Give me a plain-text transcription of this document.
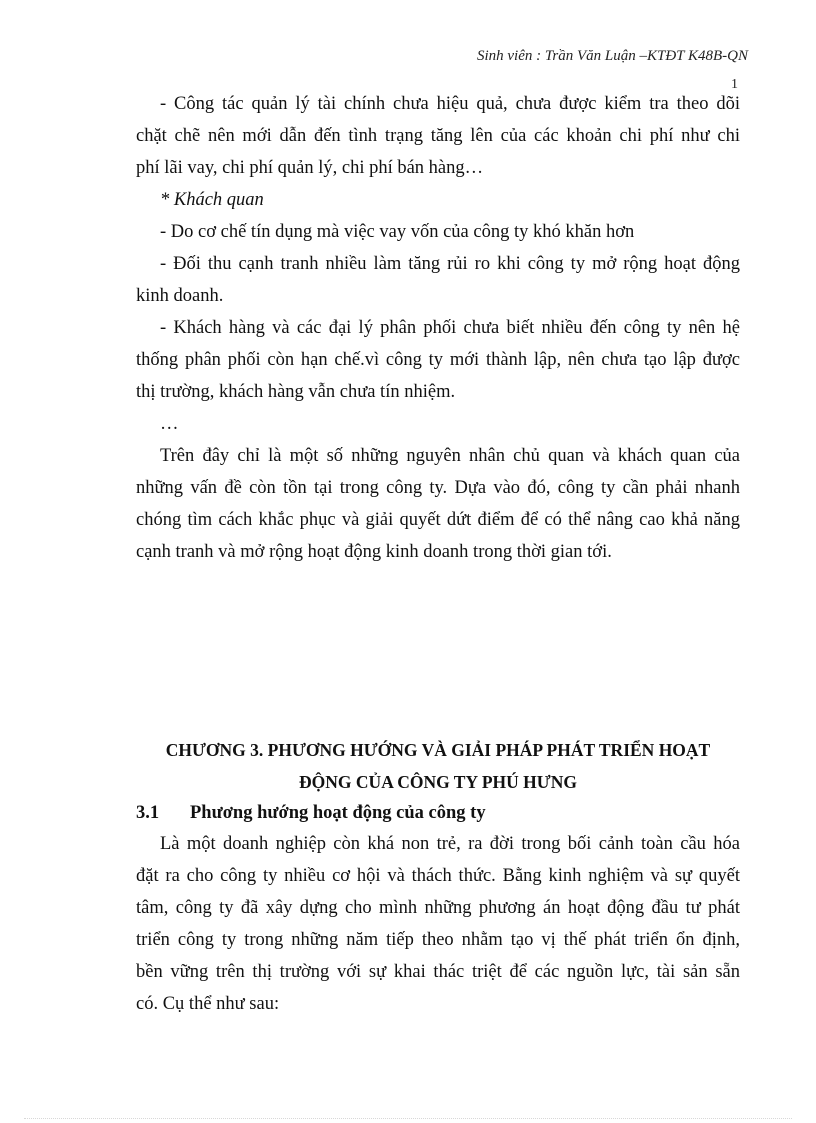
Sinh viên : Trần Văn Luận –KTĐT K48B-QN
1
- Công tác quản lý tài chính chưa hiệu quả, chưa được kiểm tra theo dõi
chặt chẽ nên mới dẫn đến tình trạng tăng lên của các khoản chi phí như chi
phí lãi vay, chi phí quản lý, chi phí bán hàng…
* Khách quan
- Do cơ chế tín dụng mà việc vay vốn của công ty khó khăn hơn
- Đối thu cạnh tranh nhiều làm tăng rủi ro khi công ty mở rộng hoạt động
kinh doanh.
- Khách hàng và các đại lý phân phối chưa biết nhiều đến công ty nên hệ
thống phân phối còn hạn chế.vì công ty mới thành lập, nên chưa tạo lập được
thị trường, khách hàng vẫn chưa tín nhiệm.
…
Trên đây chỉ là một số những nguyên nhân chủ quan và khách quan của
những vấn đề còn tồn tại trong công ty. Dựa vào đó, công ty cần phải nhanh
chóng tìm cách khắc phục và giải quyết dứt điểm để có thể nâng cao khả năng
cạnh tranh và mở rộng hoạt động kinh doanh trong thời gian tới.
CHƯƠNG 3. PHƯƠNG HƯỚNG VÀ GIẢI PHÁP PHÁT TRIỂN HOẠT
ĐỘNG CỦA CÔNG TY PHÚ HƯNG
3.1 Phương hướng hoạt động của công ty
Là một doanh nghiệp còn khá non trẻ, ra đời trong bối cảnh toàn cầu hóa
đặt ra cho công ty nhiều cơ hội và thách thức. Bằng kinh nghiệm và sự quyết
tâm, công ty đã xây dựng cho mình những phương án hoạt động đầu tư phát
triển công ty trong những năm tiếp theo nhằm tạo vị thế phát triển ổn định,
bền vững trên thị trường với sự khai thác triệt để các nguồn lực, tài sản sẵn
có. Cụ thể như sau:
